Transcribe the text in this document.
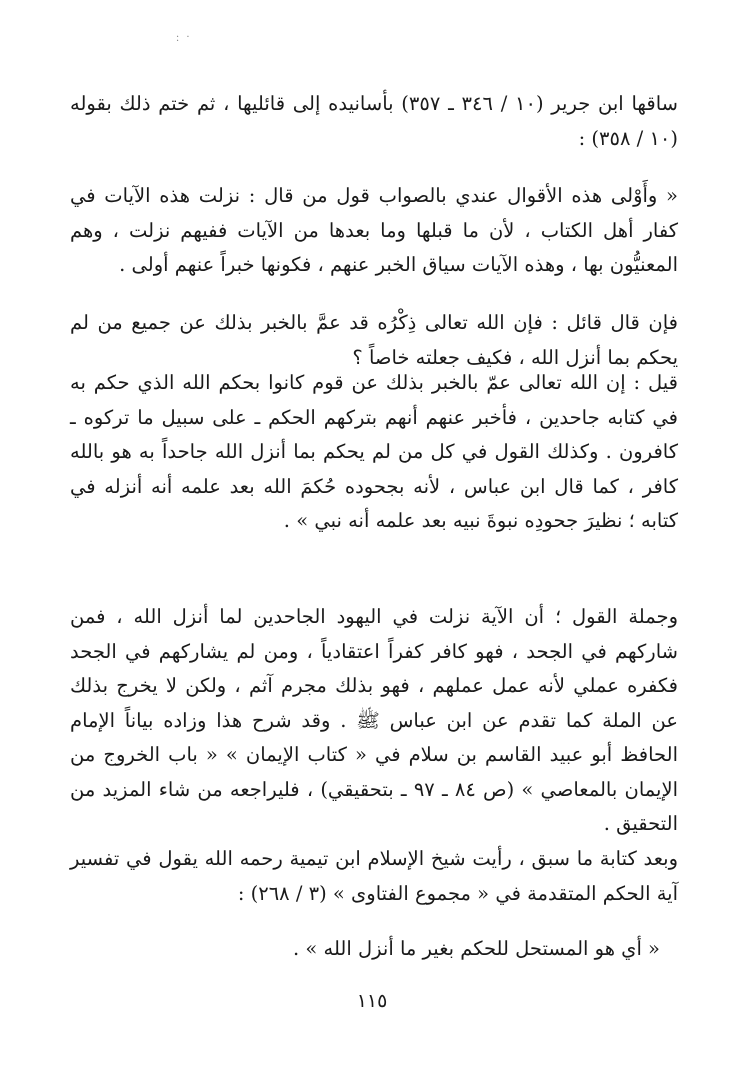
· · ·

ساقها ابن جرير (١٠ / ٣٤٦ ـ ٣٥٧) بأسانيده إلى قائليها ، ثم ختم ذلك بقوله (١٠ / ٣٥٨) :

« وأَوْلى هذه الأقوال عندي بالصواب قول من قال : نزلت هذه الآيات في كفار أهل الكتاب ، لأن ما قبلها وما بعدها من الآيات ففيهم نزلت ، وهم المعنيُّون بها ، وهذه الآيات سياق الخبر عنهم ، فكونها خبراً عنهم أولى .

فإن قال قائل : فإن الله تعالى ذِكْرُه قد عمَّ بالخبر بذلك عن جميع من لم يحكم بما أنزل الله ، فكيف جعلته خاصاً ؟

قيل : إن الله تعالى عمّ بالخبر بذلك عن قوم كانوا بحكم الله الذي حكم به في كتابه جاحدين ، فأخبر عنهم أنهم بتركهم الحكم ـ على سبيل ما تركوه ـ كافرون . وكذلك القول في كل من لم يحكم بما أنزل الله جاحداً به هو بالله كافر ، كما قال ابن عباس ، لأنه بجحوده حُكمَ الله بعد علمه أنه أنزله في كتابه ؛ نظيرَ جحودِه نبوةَ نبيه بعد علمه أنه نبي » .

وجملة القول ؛ أن الآية نزلت في اليهود الجاحدين لما أنزل الله ، فمن شاركهم في الجحد ، فهو كافر كفراً اعتقادياً ، ومن لم يشاركهم في الجحد فكفره عملي لأنه عمل عملهم ، فهو بذلك مجرم آثم ، ولكن لا يخرج بذلك عن الملة كما تقدم عن ابن عباس ﷺ . وقد شرح هذا وزاده بياناً الإمام الحافظ أبو عبيد القاسم بن سلام في « كتاب الإيمان » « باب الخروج من الإيمان بالمعاصي » (ص ٨٤ ـ ٩٧ ـ بتحقيقي) ، فليراجعه من شاء المزيد من التحقيق .

وبعد كتابة ما سبق ، رأيت شيخ الإسلام ابن تيمية رحمه الله يقول في تفسير آية الحكم المتقدمة في « مجموع الفتاوى » (٣ / ٢٦٨) :

« أي هو المستحل للحكم بغير ما أنزل الله » .

١١٥
